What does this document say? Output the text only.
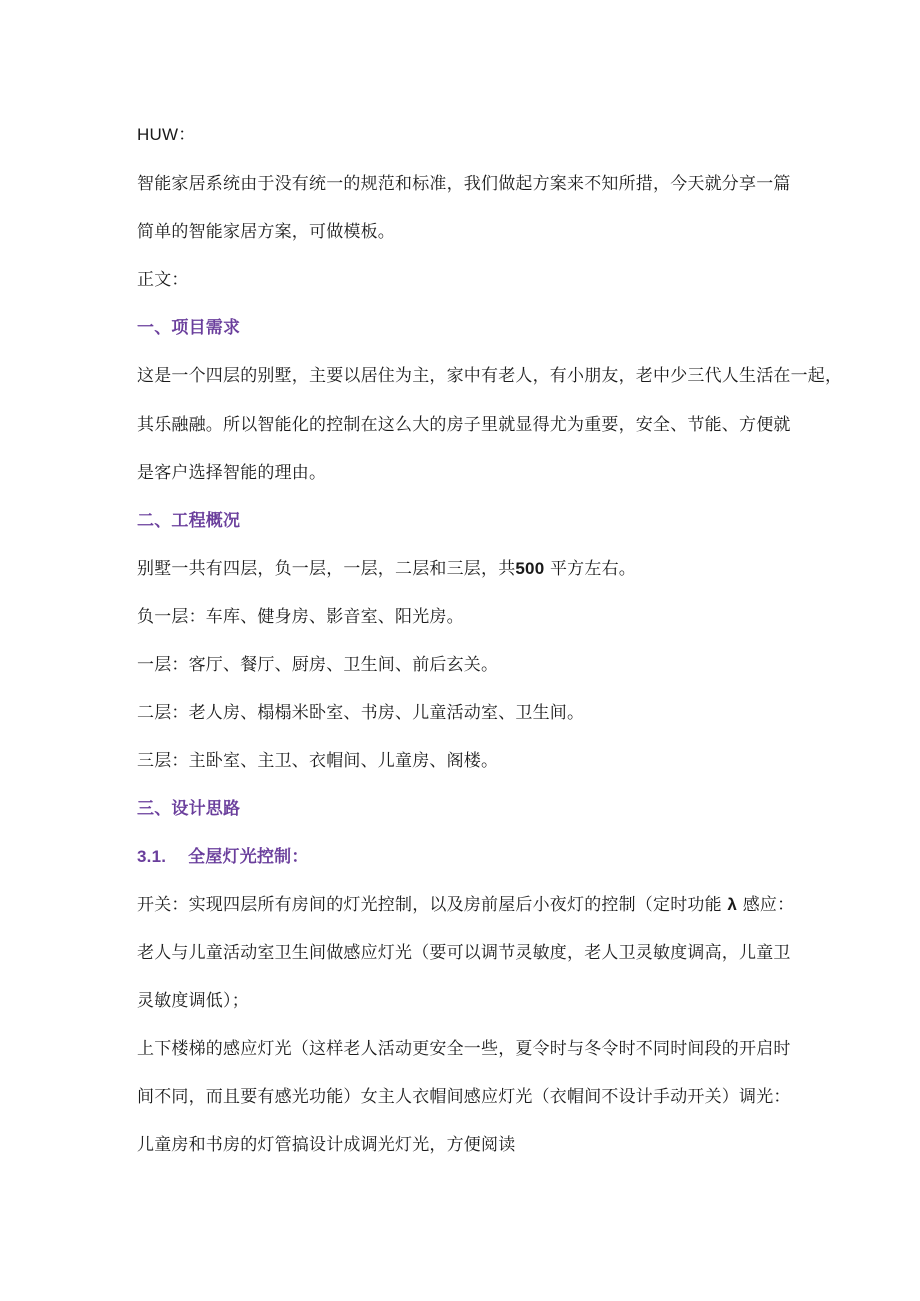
ΗUW：
智能家居系统由于没有统一的规范和标准，我们做起方案来不知所措，今天就分享一篇
简单的智能家居方案，可做模板。
正文：
一、项目需求
这是一个四层的别墅，主要以居住为主，家中有老人，有小朋友，老中少三代人生活在一起，
其乐融融。所以智能化的控制在这么大的房子里就显得尤为重要，安全、节能、方便就
是客户选择智能的理由。
二、工程概况
别墅一共有四层，负一层，一层，二层和三层，共500 平方左右。
负一层：车库、健身房、影音室、阳光房。
一层：客厅、餐厅、厨房、卫生间、前后玄关。
二层：老人房、榻榻米卧室、书房、儿童活动室、卫生间。
三层：主卧室、主卫、衣帽间、儿童房、阁楼。
三、设计思路
3.1. 全屋灯光控制：
开关：实现四层所有房间的灯光控制，以及房前屋后小夜灯的控制（定时功能 λ 感应：
老人与儿童活动室卫生间做感应灯光（要可以调节灵敏度，老人卫灵敏度调高，儿童卫
灵敏度调低）；
上下楼梯的感应灯光（这样老人活动更安全一些，夏令时与冬令时不同时间段的开启时
间不同，而且要有感光功能）女主人衣帽间感应灯光（衣帽间不设计手动开关）调光：
儿童房和书房的灯管搞设计成调光灯光，方便阅读
